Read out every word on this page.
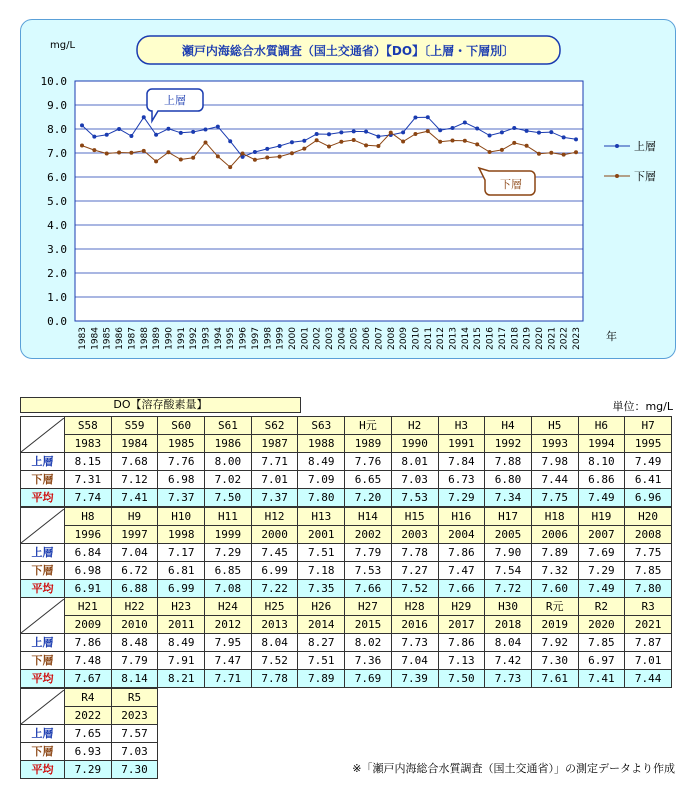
瀬戸内海総合水質調査（国土交通省）【DO】〔上層・下層別〕
0.0
1.0
2.0
3.0
4.0
5.0
6.0
7.0
8.0
9.0
10.0
mg/L
年
1983 1984 1985 1986 1987 1988 1989 1990 1991 1992 1993 1994 1995 1996 1997 1998 1999 2000 2001 2002 2003 2004 2005 2006 2007 2008 2009 2010 2011 2012 2013 2014 2015 2016 2017 2018 2019 2020 2021 2022 2023
上層
下層
上層
下層
DO【溶存酸素量】	単位：mg/L
	S58	S59	S60	S61	S62	S63	H元	H2	H3	H4	H5	H6	H7
	1983	1984	1985	1986	1987	1988	1989	1990	1991	1992	1993	1994	1995
上層	8.15	7.68	7.76	8.00	7.71	8.49	7.76	8.01	7.84	7.88	7.98	8.10	7.49
下層	7.31	7.12	6.98	7.02	7.01	7.09	6.65	7.03	6.73	6.80	7.44	6.86	6.41
平均	7.74	7.41	7.37	7.50	7.37	7.80	7.20	7.53	7.29	7.34	7.75	7.49	6.96
	H8	H9	H10	H11	H12	H13	H14	H15	H16	H17	H18	H19	H20
	1996	1997	1998	1999	2000	2001	2002	2003	2004	2005	2006	2007	2008
上層	6.84	7.04	7.17	7.29	7.45	7.51	7.79	7.78	7.86	7.90	7.89	7.69	7.75
下層	6.98	6.72	6.81	6.85	6.99	7.18	7.53	7.27	7.47	7.54	7.32	7.29	7.85
平均	6.91	6.88	6.99	7.08	7.22	7.35	7.66	7.52	7.66	7.72	7.60	7.49	7.80
	H21	H22	H23	H24	H25	H26	H27	H28	H29	H30	R元	R2	R3
	2009	2010	2011	2012	2013	2014	2015	2016	2017	2018	2019	2020	2021
上層	7.86	8.48	8.49	7.95	8.04	8.27	8.02	7.73	7.86	8.04	7.92	7.85	7.87
下層	7.48	7.79	7.91	7.47	7.52	7.51	7.36	7.04	7.13	7.42	7.30	6.97	7.01
平均	7.67	8.14	8.21	7.71	7.78	7.89	7.69	7.39	7.50	7.73	7.61	7.41	7.44
	R4	R5
	2022	2023
上層	7.65	7.57
下層	6.93	7.03
平均	7.29	7.30	※「瀬戸内海総合水質調査（国土交通省）」の測定データより作成
